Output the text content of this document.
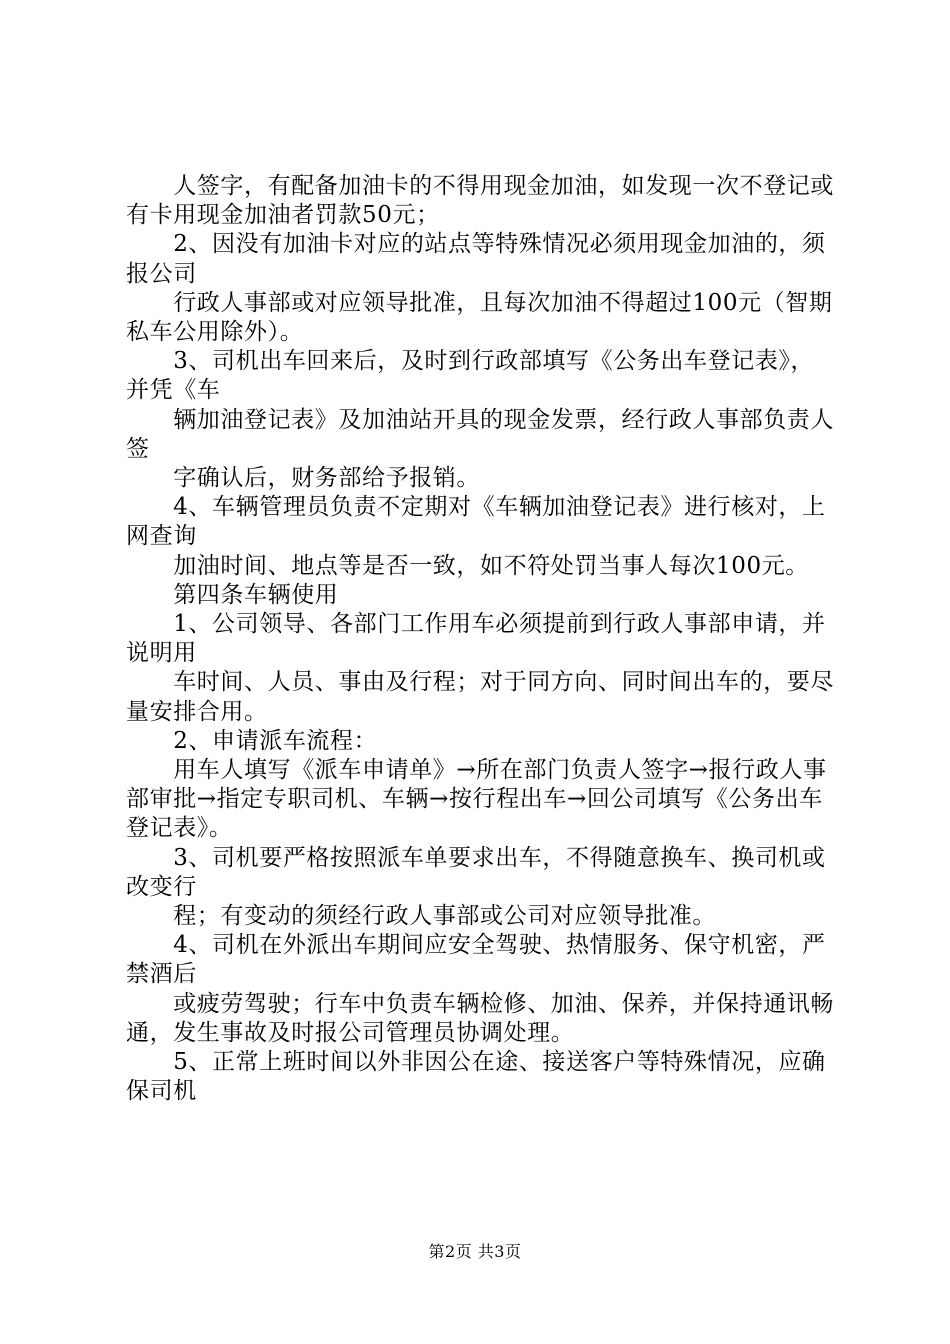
　　人签字，有配备加油卡的不得用现金加油，如发现一次不登记或有卡用现金加油者罚款50元；

　　2、因没有加油卡对应的站点等特殊情况必须用现金加油的，须报公司

　　行政人事部或对应领导批准，且每次加油不得超过100元（智期私车公用除外）。

　　3、司机出车回来后，及时到行政部填写《公务出车登记表》，并凭《车

　　辆加油登记表》及加油站开具的现金发票，经行政人事部负责人签

　　字确认后，财务部给予报销。

　　4、车辆管理员负责不定期对《车辆加油登记表》进行核对，上网查询

　　加油时间、地点等是否一致，如不符处罚当事人每次100元。

　　第四条车辆使用

　　1、公司领导、各部门工作用车必须提前到行政人事部申请，并说明用

　　车时间、人员、事由及行程；对于同方向、同时间出车的，要尽量安排合用。

　　2、申请派车流程：

　　用车人填写《派车申请单》→所在部门负责人签字→报行政人事部审批→指定专职司机、车辆→按行程出车→回公司填写《公务出车登记表》。

　　3、司机要严格按照派车单要求出车，不得随意换车、换司机或改变行

　　程；有变动的须经行政人事部或公司对应领导批准。

　　4、司机在外派出车期间应安全驾驶、热情服务、保守机密，严禁酒后

　　或疲劳驾驶；行车中负责车辆检修、加油、保养，并保持通讯畅通，发生事故及时报公司管理员协调处理。

　　5、正常上班时间以外非因公在途、接送客户等特殊情况，应确保司机

第2页 共3页
